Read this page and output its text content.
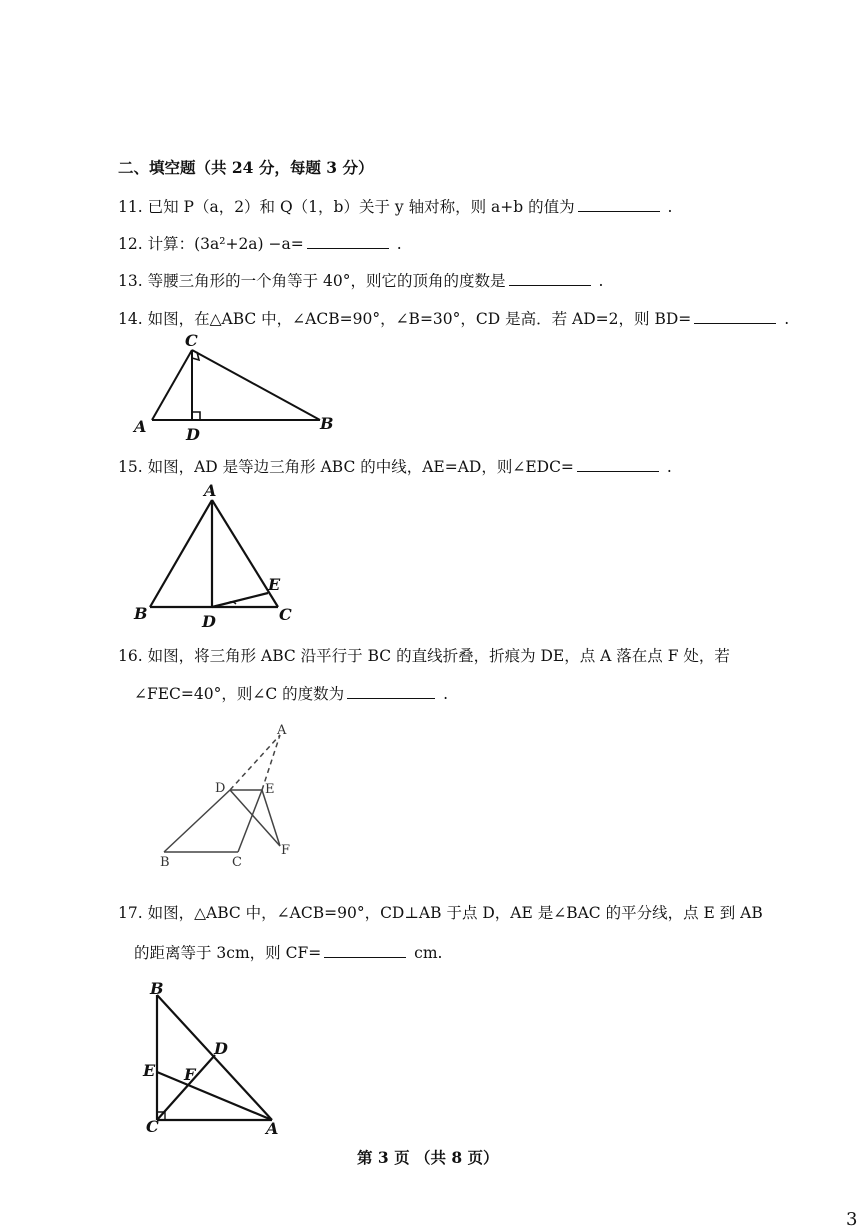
二、填空题（共 24 分，每题 3 分）
11. 已知 P（a，2）和 Q（1，b）关于 y 轴对称，则 a+b 的值为	.
12. 计算：(3a²+2a) −a=	.
13. 等腰三角形的一个角等于 40°，则它的顶角的度数是	.
14. 如图，在△ABC 中，∠ACB=90°，∠B=30°，CD 是高．若 AD=2，则 BD=	.
15. 如图，AD 是等边三角形 ABC 的中线，AE=AD，则∠EDC=	.
16. 如图，将三角形 ABC 沿平行于 BC 的直线折叠，折痕为 DE，点 A 落在点 F 处，若
∠FEC=40°，则∠C 的度数为	.
17. 如图，△ABC 中，∠ACB=90°，CD⊥AB 于点 D，AE 是∠BAC 的平分线，点 E 到 AB
的距离等于 3cm，则 CF=	cm.
第 3 页 （共 8 页）
3
C
A D
B
A
B	D
E
C
A
D	E
B	C
F
B
D
E F
C	A
